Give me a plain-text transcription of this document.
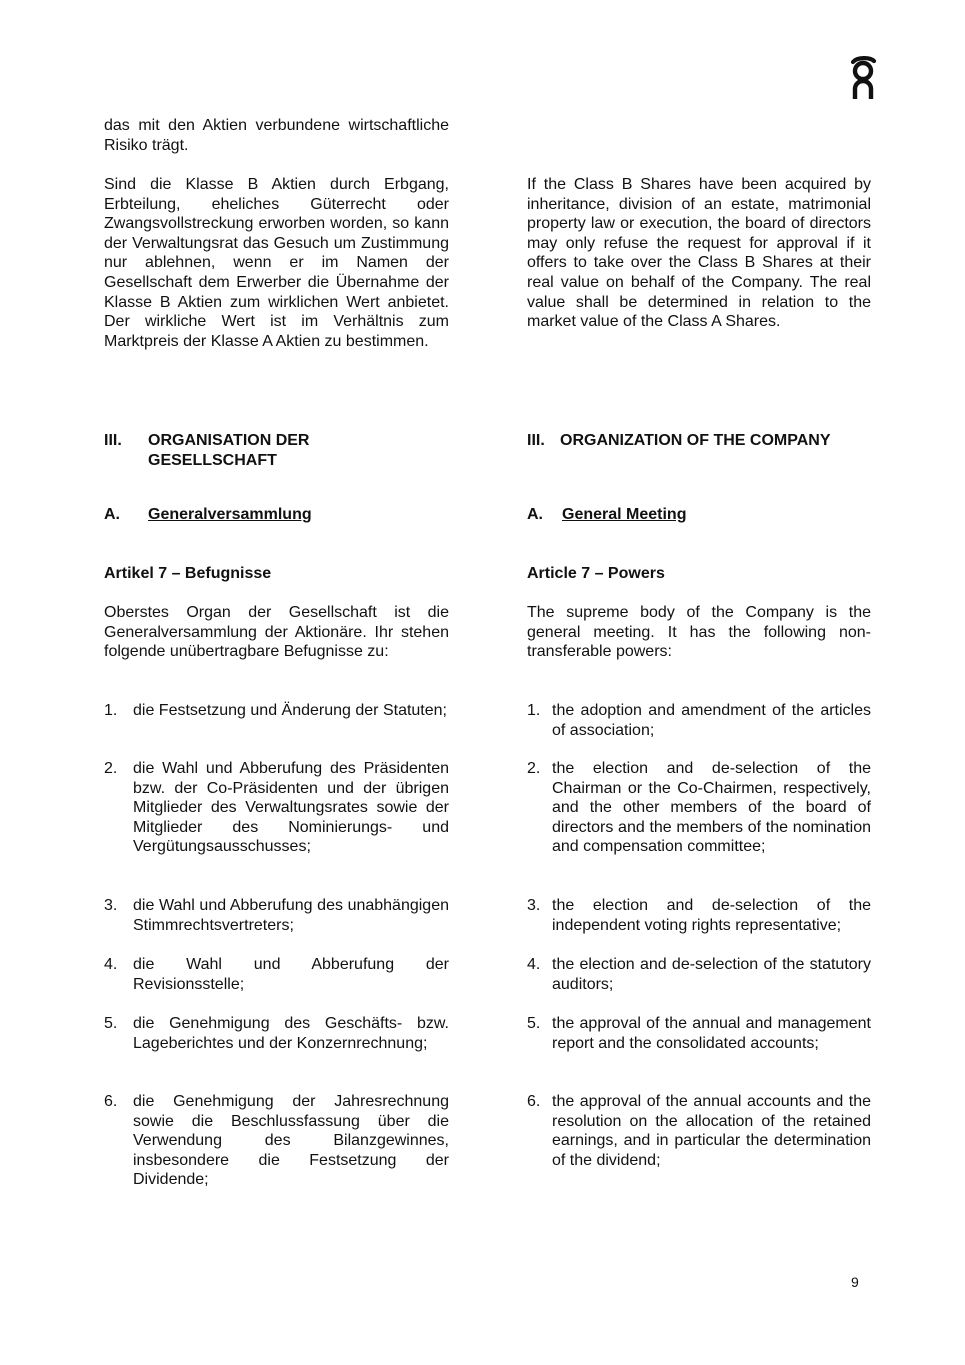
das mit den Aktien verbundene wirtschaftliche Risiko trägt.

Sind die Klasse B Aktien durch Erbgang, Erbteilung, eheliches Güterrecht oder Zwangsvollstreckung erworben worden, so kann der Verwaltungsrat das Gesuch um Zustimmung nur ablehnen, wenn er im Namen der Gesellschaft dem Erwerber die Übernahme der Klasse B Aktien zum wirklichen Wert anbietet. Der wirkliche Wert ist im Verhältnis zum Marktpreis der Klasse A Aktien zu bestimmen.

III.	ORGANISATION DER GESELLSCHAFT
A.	Generalversammlung
Artikel 7 – Befugnisse

Oberstes Organ der Gesellschaft ist die Generalversammlung der Aktionäre. Ihr stehen folgende unübertragbare Befugnisse zu:

1. die Festsetzung und Änderung der Statuten;
2. die Wahl und Abberufung des Präsidenten bzw. der Co-Präsidenten und der übrigen Mitglieder des Verwaltungsrates sowie der Mitglieder des Nominierungs- und Vergütungsausschusses;
3. die Wahl und Abberufung des unabhängigen Stimmrechtsvertreters;
4. die Wahl und Abberufung der Revisionsstelle;
5. die Genehmigung des Geschäfts- bzw. Lageberichtes und der Konzernrechnung;
6. die Genehmigung der Jahresrechnung sowie die Beschlussfassung über die Verwendung des Bilanzgewinnes, insbesondere die Festsetzung der Dividende;

If the Class B Shares have been acquired by inheritance, division of an estate, matrimonial property law or execution, the board of directors may only refuse the request for approval if it offers to take over the Class B Shares at their real value on behalf of the Company. The real value shall be determined in relation to the market value of the Class A Shares.

III. ORGANIZATION OF THE COMPANY
A.	General Meeting
Article 7 – Powers

The supreme body of the Company is the general meeting. It has the following non-transferable powers:

1. the adoption and amendment of the articles of association;
2. the election and de-selection of the Chairman or the Co-Chairmen, respectively, and the other members of the board of directors and the members of the nomination and compensation committee;
3. the election and de-selection of the independent voting rights representative;
4. the election and de-selection of the statutory auditors;
5. the approval of the annual and management report and the consolidated accounts;
6. the approval of the annual accounts and the resolution on the allocation of the retained earnings, and in particular the determination of the dividend;
9
